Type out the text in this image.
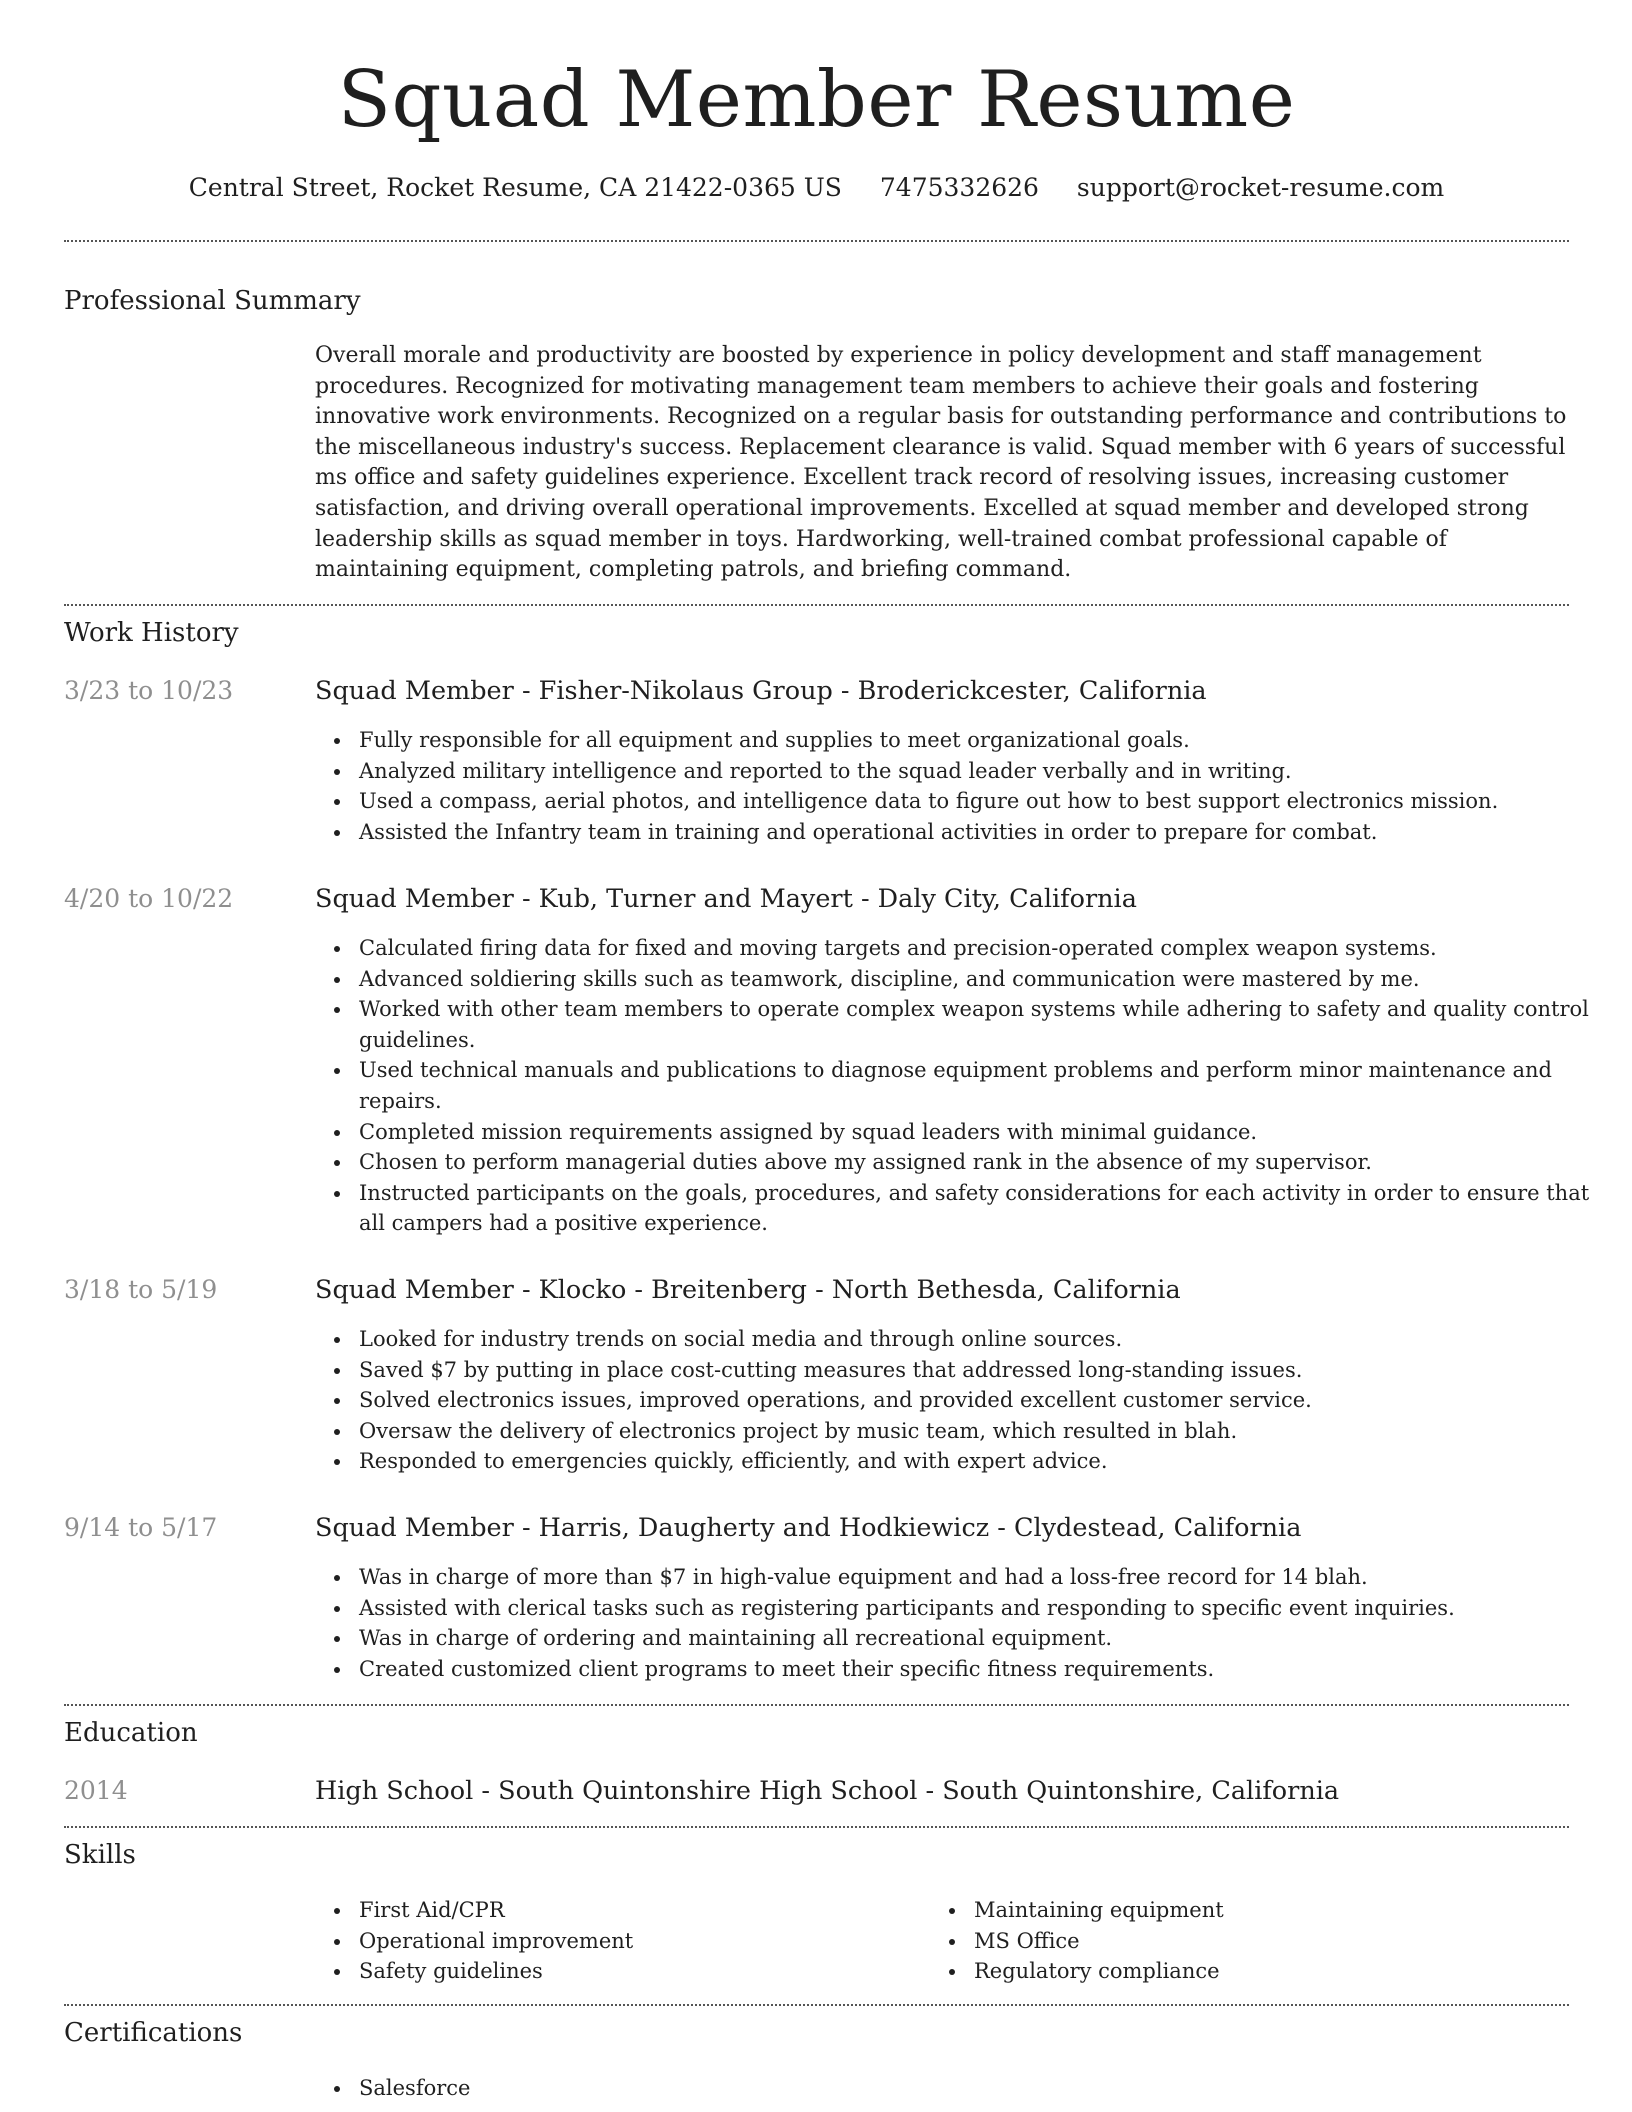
Squad Member Resume
Central Street, Rocket Resume, CA 21422-0365 US 7475332626 support@rocket-resume.com
Professional Summary

Overall morale and productivity are boosted by experience in policy development and staff management procedures. Recognized for motivating management team members to achieve their goals and fostering innovative work environments. Recognized on a regular basis for outstanding performance and contributions to the miscellaneous industry's success. Replacement clearance is valid. Squad member with 6 years of successful ms office and safety guidelines experience. Excellent track record of resolving issues, increasing customer satisfaction, and driving overall operational improvements. Excelled at squad member and developed strong leadership skills as squad member in toys. Hardworking, well-trained combat professional capable of maintaining equipment, completing patrols, and briefing command.

Work History
3/23 to 10/23	Squad Member - Fisher-Nikolaus Group - Broderickcester, California
Fully responsible for all equipment and supplies to meet organizational goals.
Analyzed military intelligence and reported to the squad leader verbally and in writing.
Used a compass, aerial photos, and intelligence data to figure out how to best support electronics mission.
Assisted the Infantry team in training and operational activities in order to prepare for combat.
4/20 to 10/22	Squad Member - Kub, Turner and Mayert - Daly City, California
Calculated firing data for fixed and moving targets and precision-operated complex weapon systems.
Advanced soldiering skills such as teamwork, discipline, and communication were mastered by me.
Worked with other team members to operate complex weapon systems while adhering to safety and quality control guidelines.
Used technical manuals and publications to diagnose equipment problems and perform minor maintenance and repairs.
Completed mission requirements assigned by squad leaders with minimal guidance.
Chosen to perform managerial duties above my assigned rank in the absence of my supervisor.
Instructed participants on the goals, procedures, and safety considerations for each activity in order to ensure that all campers had a positive experience.
3/18 to 5/19	Squad Member - Klocko - Breitenberg - North Bethesda, California
Looked for industry trends on social media and through online sources.
Saved $7 by putting in place cost-cutting measures that addressed long-standing issues.
Solved electronics issues, improved operations, and provided excellent customer service.
Oversaw the delivery of electronics project by music team, which resulted in blah.
Responded to emergencies quickly, efficiently, and with expert advice.
9/14 to 5/17	Squad Member - Harris, Daugherty and Hodkiewicz - Clydestead, California
Was in charge of more than $7 in high-value equipment and had a loss-free record for 14 blah.
Assisted with clerical tasks such as registering participants and responding to specific event inquiries.
Was in charge of ordering and maintaining all recreational equipment.
Created customized client programs to meet their specific fitness requirements.
Education
2014	High School - South Quintonshire High School - South Quintonshire, California
Skills
First Aid/CPR
Operational improvement
Safety guidelines
Maintaining equipment
MS Office
Regulatory compliance
Certifications
Salesforce
